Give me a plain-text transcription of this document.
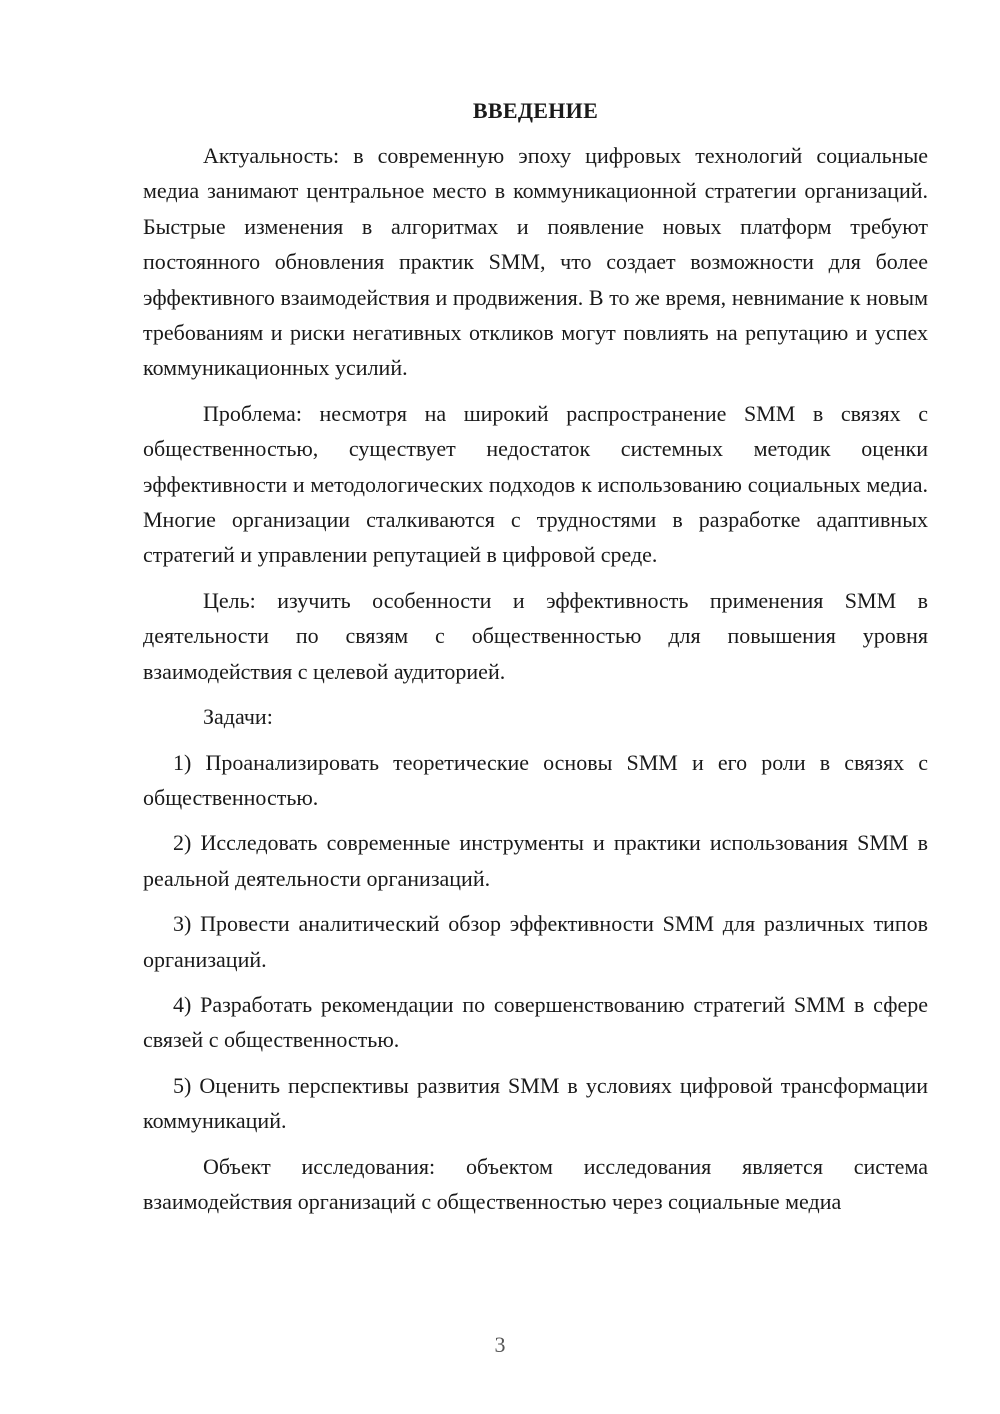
ВВЕДЕНИЕ

Актуальность: в современную эпоху цифровых технологий социальные медиа занимают центральное место в коммуникационной стратегии организаций. Быстрые изменения в алгоритмах и появление новых платформ требуют постоянного обновления практик SMM, что создает возможности для более эффективного взаимодействия и продвижения. В то же время, невнимание к новым требованиям и риски негативных откликов могут повлиять на репутацию и успех коммуникационных усилий.

Проблема: несмотря на широкий распространение SMM в связях с общественностью, существует недостаток системных методик оценки эффективности и методологических подходов к использованию социальных медиа. Многие организации сталкиваются с трудностями в разработке адаптивных стратегий и управлении репутацией в цифровой среде.

Цель: изучить особенности и эффективность применения SMM в деятельности по связям с общественностью для повышения уровня взаимодействия с целевой аудиторией.

Задачи:

1) Проанализировать теоретические основы SMM и его роли в связях с общественностью.

2) Исследовать современные инструменты и практики использования SMM в реальной деятельности организаций.

3) Провести аналитический обзор эффективности SMM для различных типов организаций.

4) Разработать рекомендации по совершенствованию стратегий SMM в сфере связей с общественностью.

5) Оценить перспективы развития SMM в условиях цифровой трансформации коммуникаций.

Объект исследования: объектом исследования является система взаимодействия организаций с общественностью через социальные медиа

3
